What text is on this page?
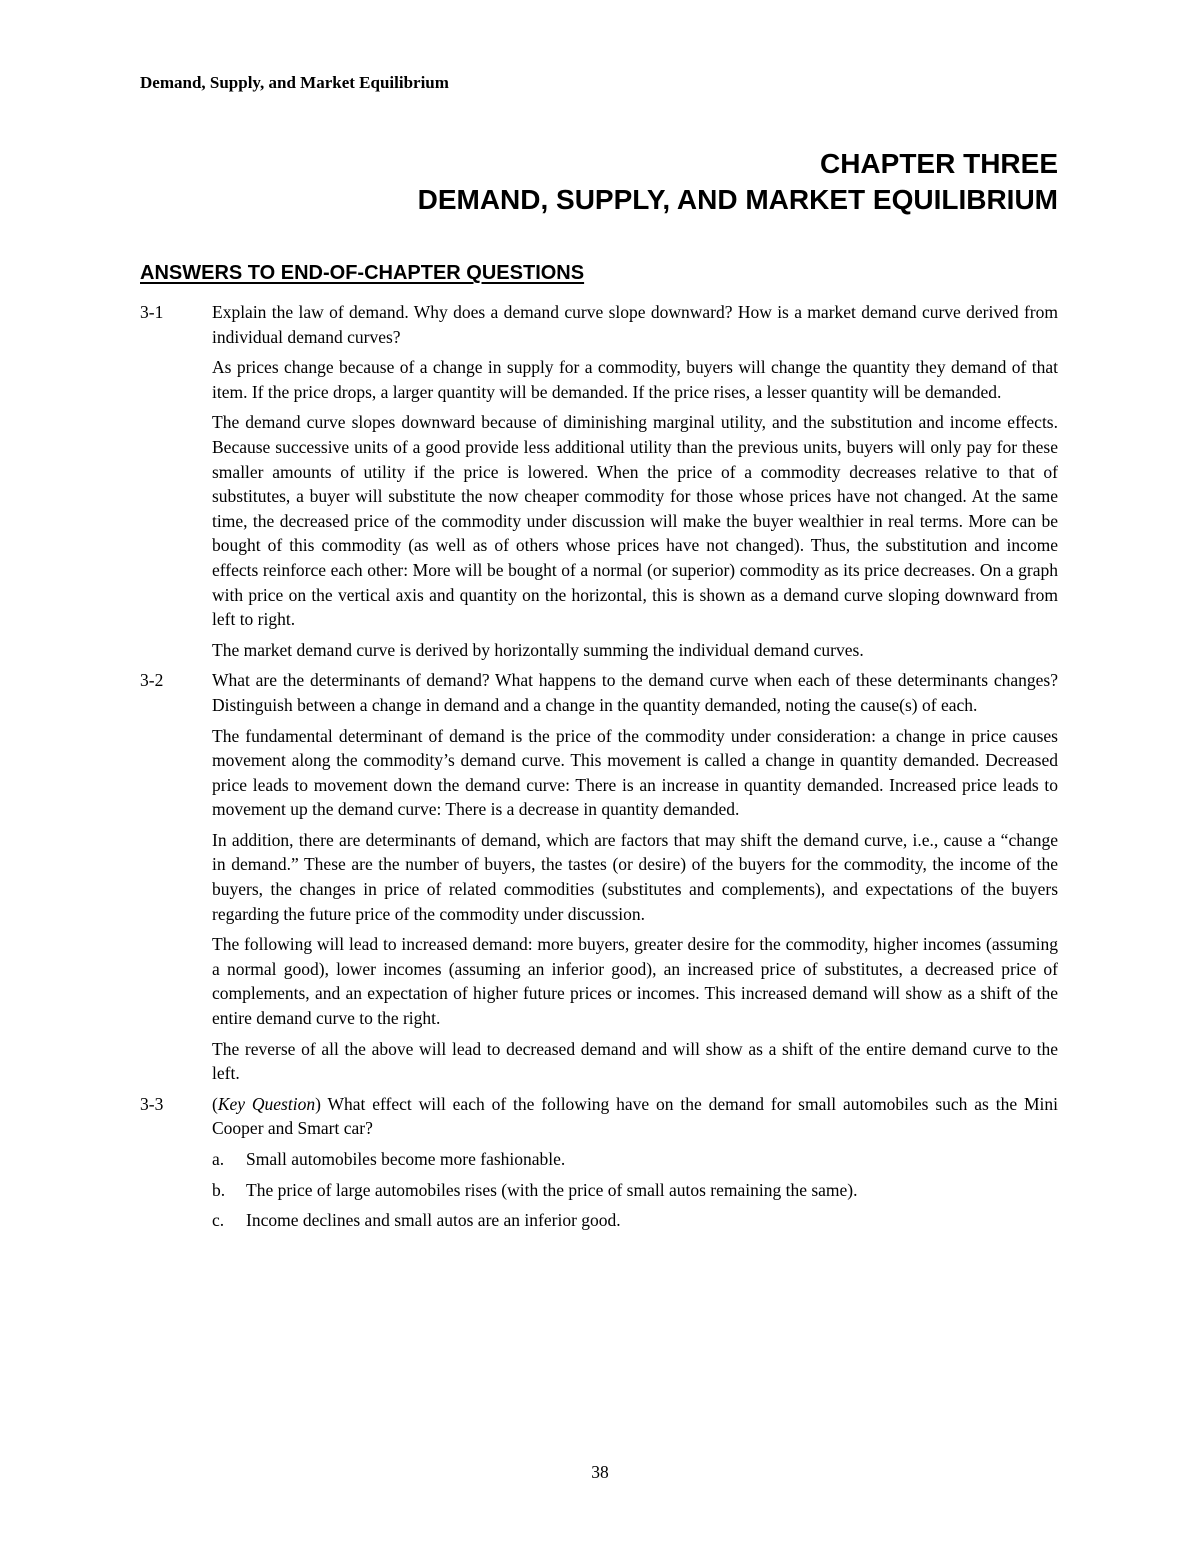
Demand, Supply, and Market Equilibrium

CHAPTER THREE
DEMAND, SUPPLY, AND MARKET EQUILIBRIUM
ANSWERS TO END-OF-CHAPTER QUESTIONS
3-1	Explain the law of demand. Why does a demand curve slope downward? How is a market demand curve derived from individual demand curves?

As prices change because of a change in supply for a commodity, buyers will change the quantity they demand of that item. If the price drops, a larger quantity will be demanded. If the price rises, a lesser quantity will be demanded.

The demand curve slopes downward because of diminishing marginal utility, and the substitution and income effects. Because successive units of a good provide less additional utility than the previous units, buyers will only pay for these smaller amounts of utility if the price is lowered. When the price of a commodity decreases relative to that of substitutes, a buyer will substitute the now cheaper commodity for those whose prices have not changed. At the same time, the decreased price of the commodity under discussion will make the buyer wealthier in real terms. More can be bought of this commodity (as well as of others whose prices have not changed). Thus, the substitution and income effects reinforce each other: More will be bought of a normal (or superior) commodity as its price decreases. On a graph with price on the vertical axis and quantity on the horizontal, this is shown as a demand curve sloping downward from left to right.

The market demand curve is derived by horizontally summing the individual demand curves.

3-2	What are the determinants of demand? What happens to the demand curve when each of these determinants changes? Distinguish between a change in demand and a change in the quantity demanded, noting the cause(s) of each.

The fundamental determinant of demand is the price of the commodity under consideration: a change in price causes movement along the commodity’s demand curve. This movement is called a change in quantity demanded. Decreased price leads to movement down the demand curve: There is an increase in quantity demanded. Increased price leads to movement up the demand curve: There is a decrease in quantity demanded.

In addition, there are determinants of demand, which are factors that may shift the demand curve, i.e., cause a “change in demand.” These are the number of buyers, the tastes (or desire) of the buyers for the commodity, the income of the buyers, the changes in price of related commodities (substitutes and complements), and expectations of the buyers regarding the future price of the commodity under discussion.

The following will lead to increased demand: more buyers, greater desire for the commodity, higher incomes (assuming a normal good), lower incomes (assuming an inferior good), an increased price of substitutes, a decreased price of complements, and an expectation of higher future prices or incomes. This increased demand will show as a shift of the entire demand curve to the right.

The reverse of all the above will lead to decreased demand and will show as a shift of the entire demand curve to the left.

3-3	(Key Question) What effect will each of the following have on the demand for small automobiles such as the Mini Cooper and Smart car?

a.	Small automobiles become more fashionable.
b.	The price of large automobiles rises (with the price of small autos remaining the same).
c.	Income declines and small autos are an inferior good.

38
